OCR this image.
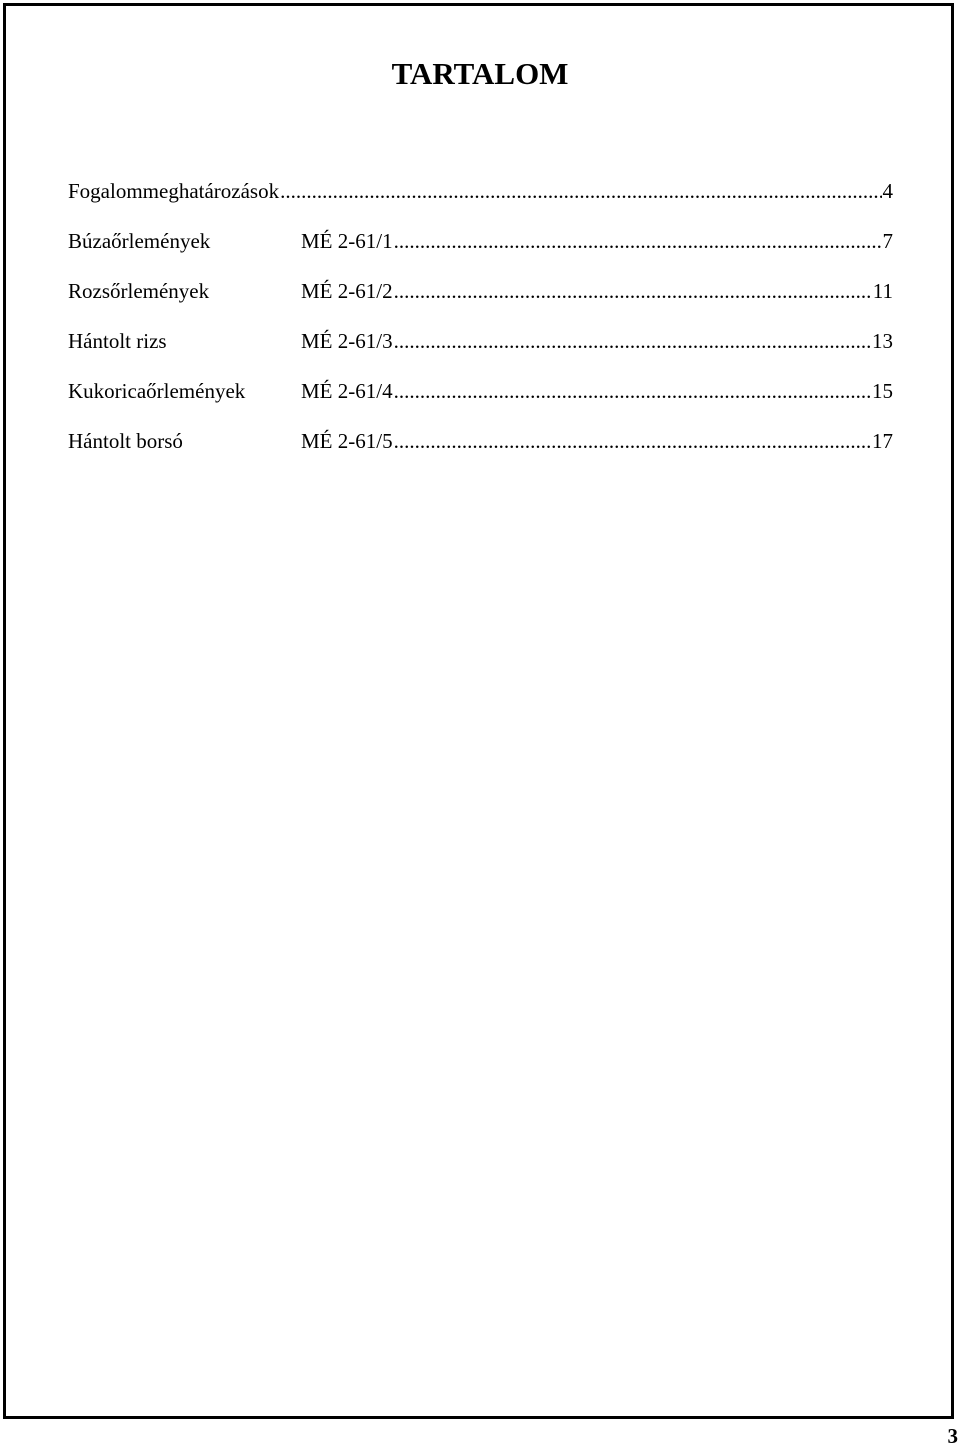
TARTALOM
Fogalommeghatározások .....	4
Búzaőrlemények	MÉ 2-61/1 .....	7
Rozsőrlemények	MÉ 2-61/2 .....	11
Hántolt rizs	MÉ 2-61/3 .....	13
Kukoricaőrlemények	MÉ 2-61/4 .....	15
Hántolt borsó	MÉ 2-61/5 .....	17
3
